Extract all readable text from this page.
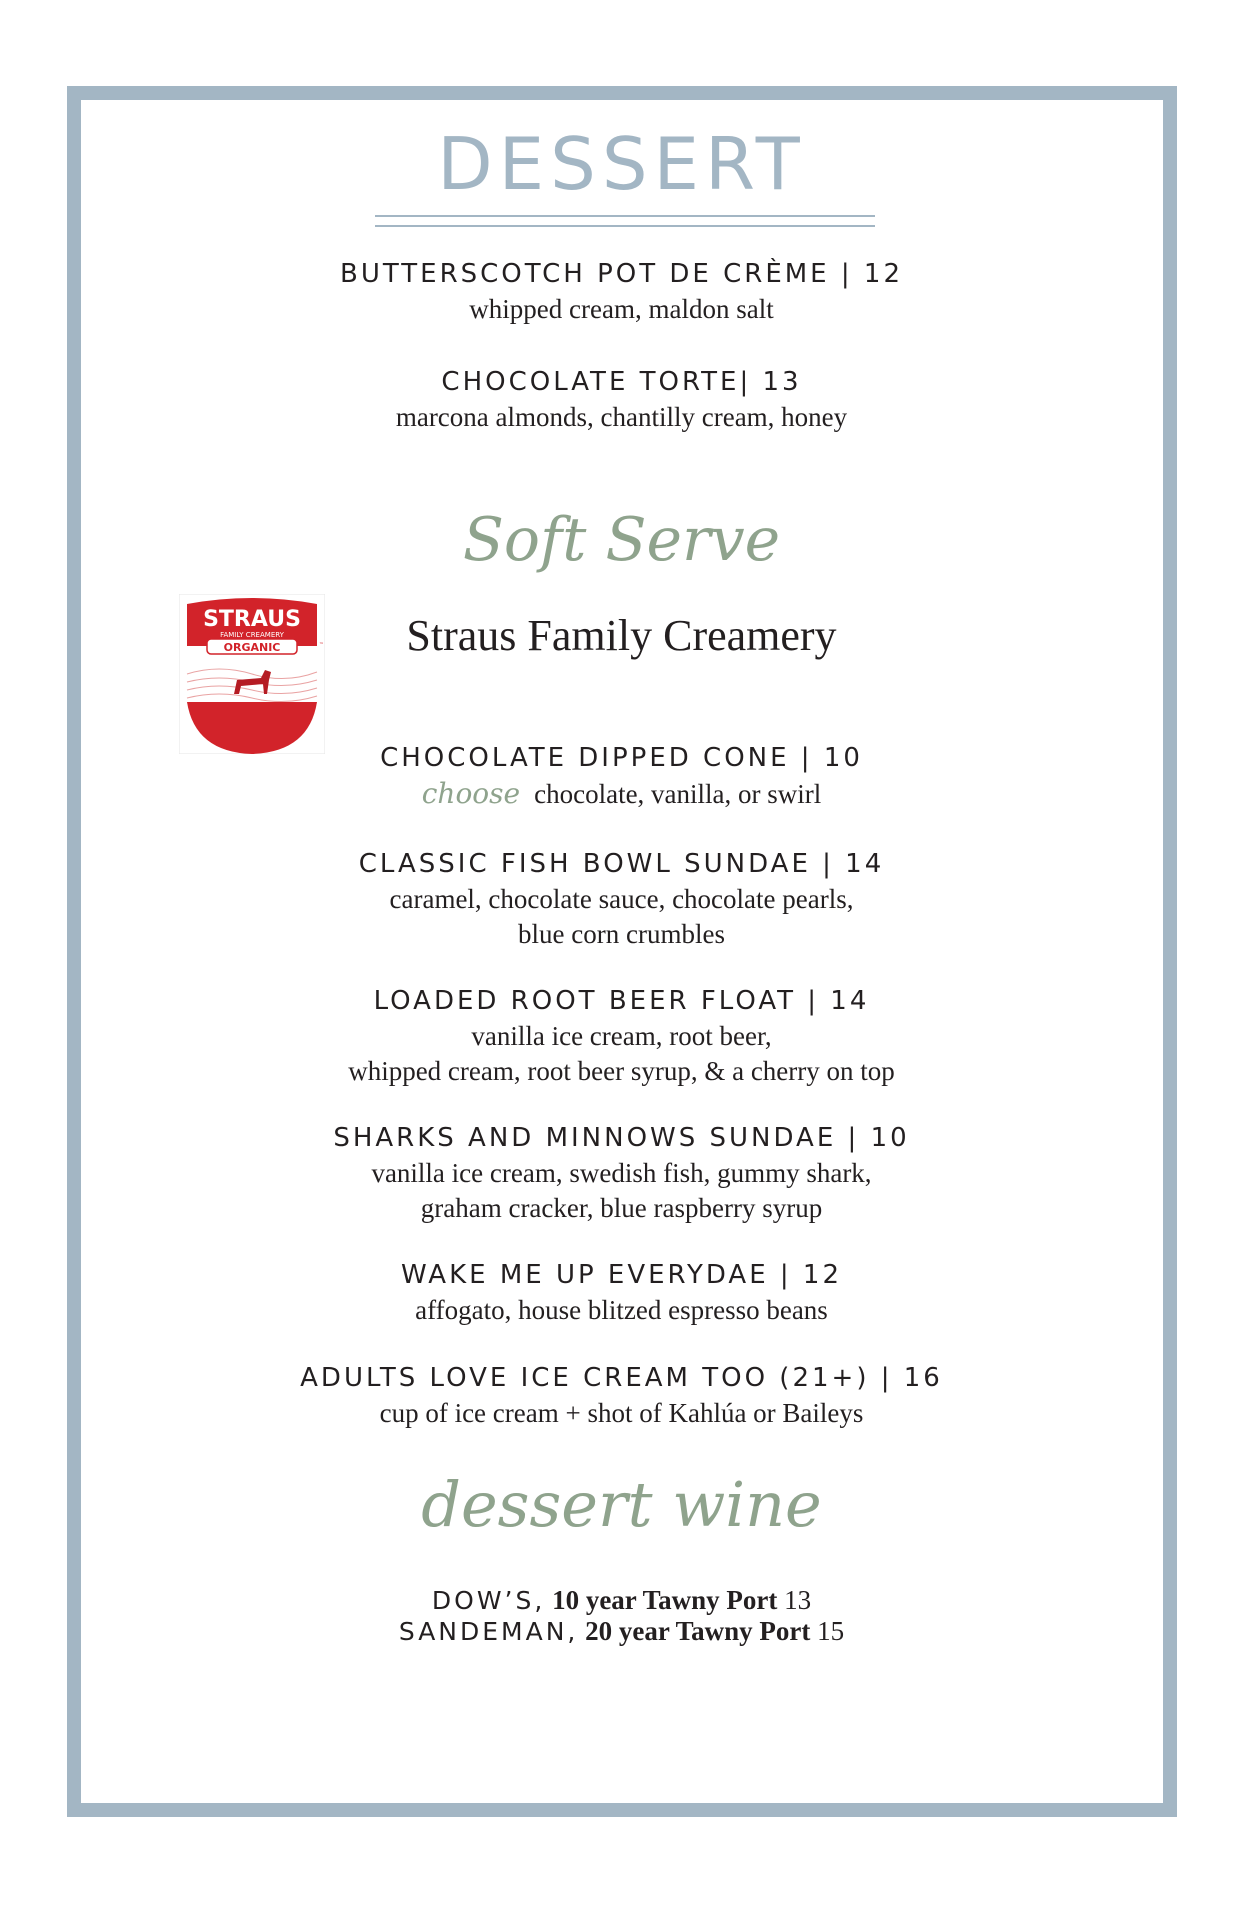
DESSERT
BUTTERSCOTCH POT DE CRÈME | 12
whipped cream, maldon salt
CHOCOLATE TORTE| 13
marcona almonds, chantilly cream, honey
Soft Serve
STRAUS
FAMILY CREAMERY
ORGANIC	™	Straus Family Creamery
CHOCOLATE DIPPED CONE | 10
choose chocolate, vanilla, or swirl
CLASSIC FISH BOWL SUNDAE | 14
caramel, chocolate sauce, chocolate pearls,
blue corn crumbles
LOADED ROOT BEER FLOAT | 14
vanilla ice cream, root beer,
whipped cream, root beer syrup, & a cherry on top
SHARKS AND MINNOWS SUNDAE | 10
vanilla ice cream, swedish fish, gummy shark,
graham cracker, blue raspberry syrup
WAKE ME UP EVERYDAE | 12
affogato, house blitzed espresso beans
ADULTS LOVE ICE CREAM TOO (21+) | 16
cup of ice cream + shot of Kahlúa or Baileys
dessert wine
DOW’S, 10 year Tawny Port 13
SANDEMAN, 20 year Tawny Port 15
